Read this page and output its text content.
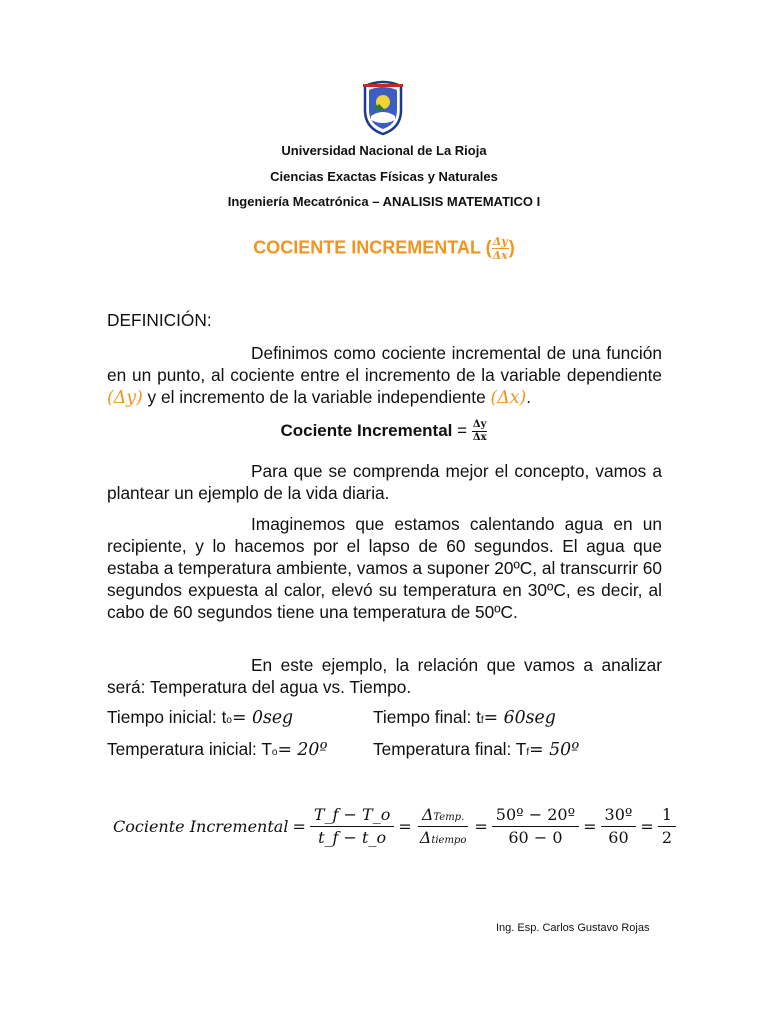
Universidad Nacional de La Rioja
Ciencias Exactas Físicas y Naturales
Ingeniería Mecatrónica – ANALISIS MATEMATICO I
COCIENTE INCREMENTAL ( $\frac{\Delta y}{\Delta x}$ )
DEFINICIÓN:

Definimos como cociente incremental de una función en un punto, al cociente entre el incremento de la variable dependiente (Δy) y el incremento de la variable independiente (Δx).

Cociente Incremental = $\frac{\Delta y}{\Delta x}$

Para que se comprenda mejor el concepto, vamos a plantear un ejemplo de la vida diaria.

Imaginemos que estamos calentando agua en un recipiente, y lo hacemos por el lapso de 60 segundos. El agua que estaba a temperatura ambiente, vamos a suponer 20ºC, al transcurrir 60 segundos expuesta al calor, elevó su temperatura en 30ºC, es decir, al cabo de 60 segundos tiene una temperatura de 50ºC.

En este ejemplo, la relación que vamos a analizar será: Temperatura del agua vs. Tiempo.

Tiempo inicial: to= 0seg	Tiempo final: tf= 60seg
Temperatura inicial: To= 20º	Temperatura final: Tf= 50º
Cociente Incremental = $\frac{T\_f - T\_o}{t\_f - t\_o} = \frac{\text{ΔTemp.}}{\text{Δtiempo}} = \frac{\text{50º − 20º}}{60 - 0} = \frac{\text{30º}}{60} = \frac{1}{2}$
Ing. Esp. Carlos Gustavo Rojas
